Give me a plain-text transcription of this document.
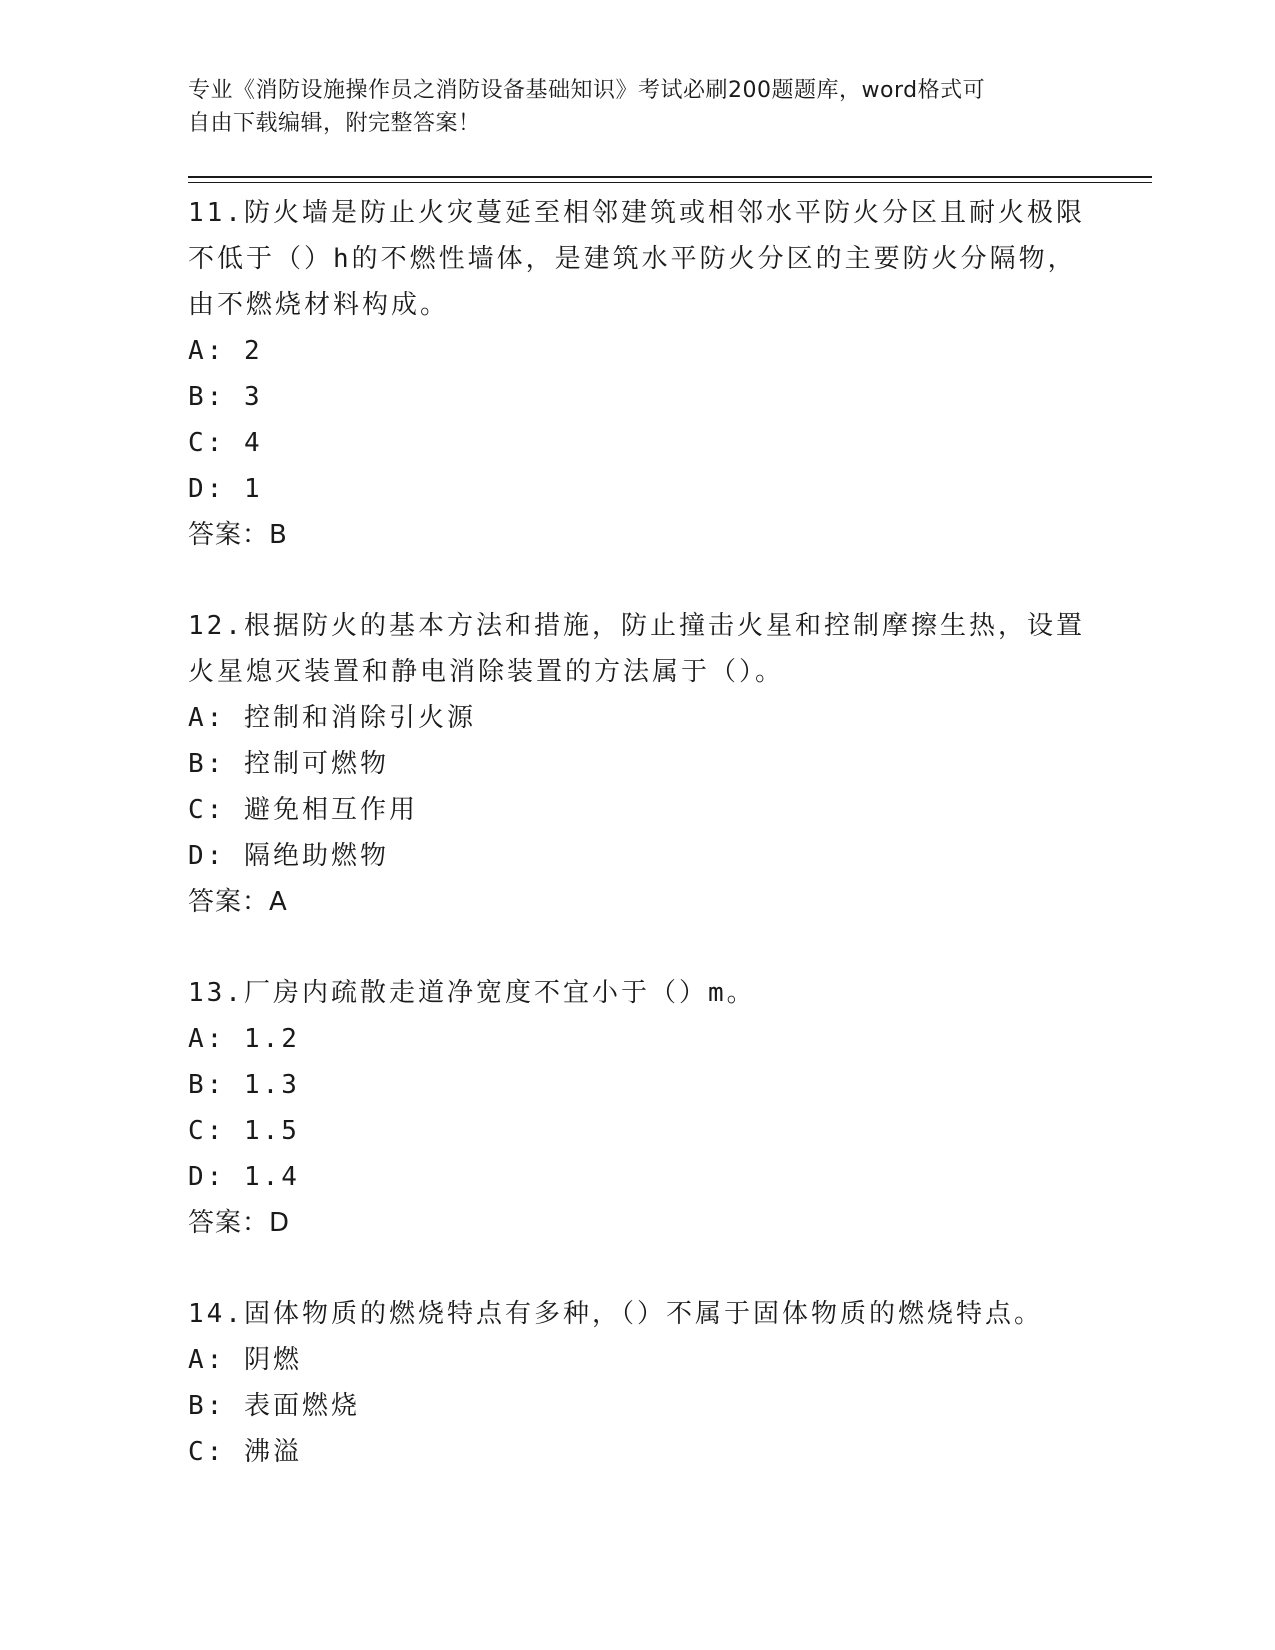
专业《消防设施操作员之消防设备基础知识》考试必刷200题题库，word格式可
自由下载编辑，附完整答案！
11.防火墙是防止火灾蔓延至相邻建筑或相邻水平防火分区且耐火极限
不低于（）h的不燃性墙体，是建筑水平防火分区的主要防火分隔物，
由不燃烧材料构成。
A: 2
B: 3
C: 4
D: 1
答案：B
12.根据防火的基本方法和措施，防止撞击火星和控制摩擦生热，设置
火星熄灭装置和静电消除装置的方法属于（）。
A: 控制和消除引火源
B: 控制可燃物
C: 避免相互作用
D: 隔绝助燃物
答案：A
13.厂房内疏散走道净宽度不宜小于（）m。
A: 1.2
B: 1.3
C: 1.5
D: 1.4
答案：D
14.固体物质的燃烧特点有多种，（）不属于固体物质的燃烧特点。
A: 阴燃
B: 表面燃烧
C: 沸溢
